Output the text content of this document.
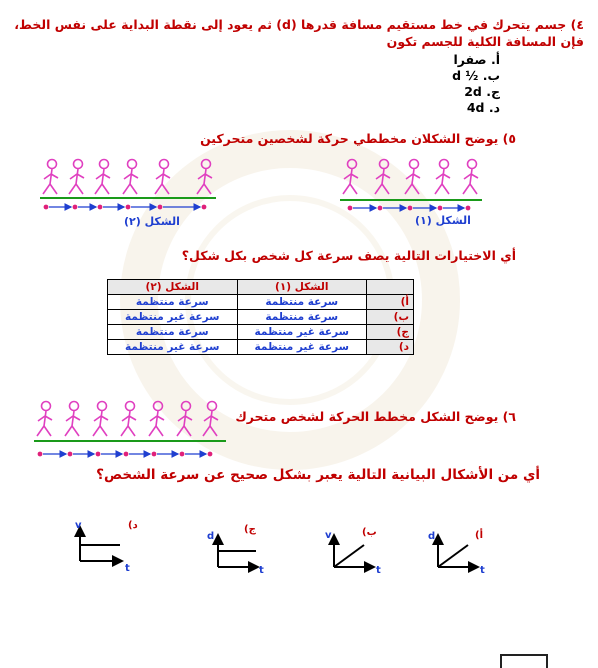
٤) جسم يتحرك في خط مستقيم مسافة قدرها (d) ثم يعود إلى نقطة البداية على نفس الخط، فإن المسافة الكلية للجسم تكون
أ. صفرا
ب. ½ d
ج. 2d
د. 4d
٥) يوضح الشكلان مخططي حركة لشخصين متحركين
الشكل (٢)	الشكل (١)
أي الاختيارات التالية يصف سرعة كل شخص بكل شكل؟
	الشكل (١)	الشكل (٢)
أ)	سرعة منتظمة	سرعة منتظمة
ب)	سرعة منتظمة	سرعة غير منتظمة
ج)	سرعة غير منتظمة	سرعة منتظمة
د)	سرعة غير منتظمة	سرعة غير منتظمة
٦) يوضح الشكل مخطط الحركة لشخص متحرك
أي من الأشكال البيانية التالية يعبر بشكل صحيح عن سرعة الشخص؟
د)
v
t
ج)
d
t
ب)
v
t
أ)
d
t
